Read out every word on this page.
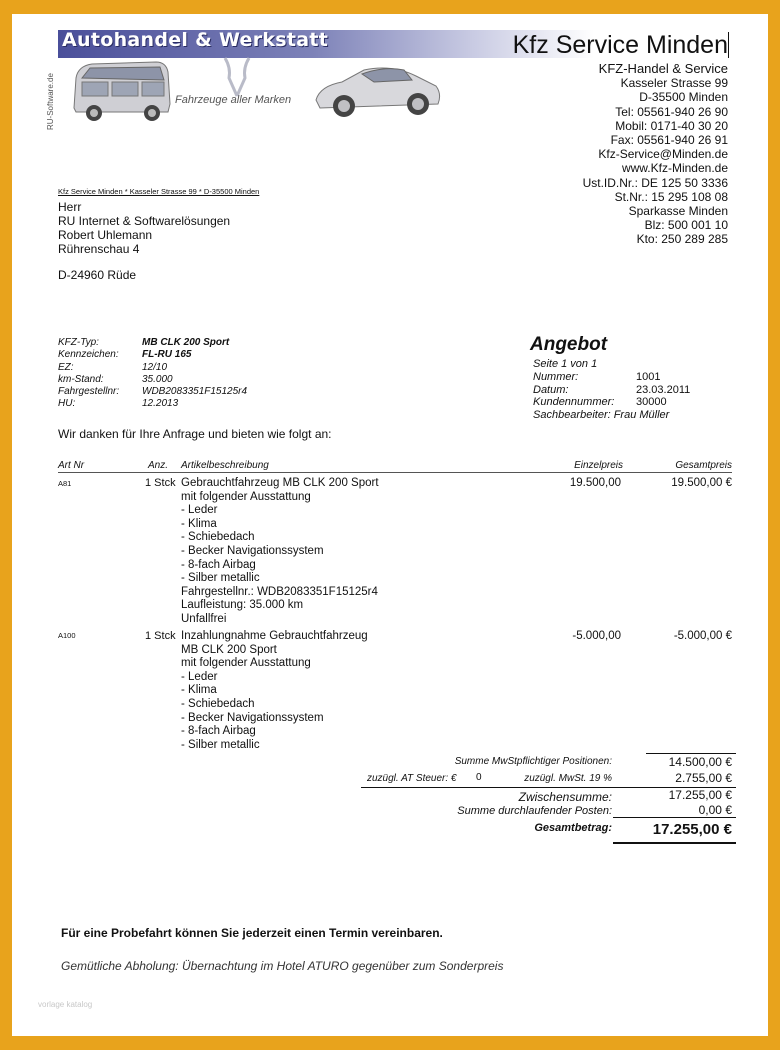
Autohandel & Werkstatt	Kfz Service Minden
RU-Software.de	Fahrzeuge aller Marken
KFZ-Handel & Service
Kasseler Strasse 99
D-35500 Minden
Tel: 05561-940 26 90
Mobil: 0171-40 30 20
Fax: 05561-940 26 91
Kfz-Service@Minden.de
www.Kfz-Minden.de
Ust.ID.Nr.: DE 125 50 3336
St.Nr.: 15 295 108 08
Sparkasse Minden
Blz: 500 001 10
Kto: 250 289 285
Kfz Service Minden * Kasseler Strasse 99 * D-35500 Minden
Herr
RU Internet & Softwarelösungen
Robert Uhlemann
Rührenschau 4
D-24960 Rüde
KFZ-Typ:	MB CLK 200 Sport
Kennzeichen:	FL-RU 165
EZ:	12/10
km-Stand:	35.000
Fahrgestellnr:	WDB2083351F15125r4
HU:	12.2013
Angebot
Seite 1 von 1
Nummer:	1001
Datum:	23.03.2011
Kundennummer:	30000
Sachbearbeiter: Frau Müller
Wir danken für Ihre Anfrage und bieten wie folgt an:
Art Nr	Anz. Artikelbeschreibung	Einzelpreis	Gesamtpreis
A81	1 Stck Gebrauchtfahrzeug MB CLK 200 Sport
mit folgender Ausstattung
- Leder
- Klima
- Schiebedach
- Becker Navigationssystem
- 8-fach Airbag
- Silber metallic
Fahrgestellnr.: WDB2083351F15125r4
Laufleistung: 35.000 km
Unfallfrei
19.500,00	19.500,00 €
A100	1 Stck Inzahlungnahme Gebrauchtfahrzeug
MB CLK 200 Sport
mit folgender Ausstattung
- Leder
- Klima
- Schiebedach
- Becker Navigationssystem
- 8-fach Airbag
- Silber metallic
-5.000,00	-5.000,00 €
Summe MwStpflichtiger Positionen:	14.500,00 €
zuzügl. AT Steuer: € 0	zuzügl. MwSt. 19 %	2.755,00 €
Zwischensumme:	17.255,00 €
Summe durchlaufender Posten:	0,00 €
Gesamtbetrag:	17.255,00 €
Für eine Probefahrt können Sie jederzeit einen Termin vereinbaren.
Gemütliche Abholung: Übernachtung im Hotel ATURO gegenüber zum Sonderpreis
vorlage katalog
